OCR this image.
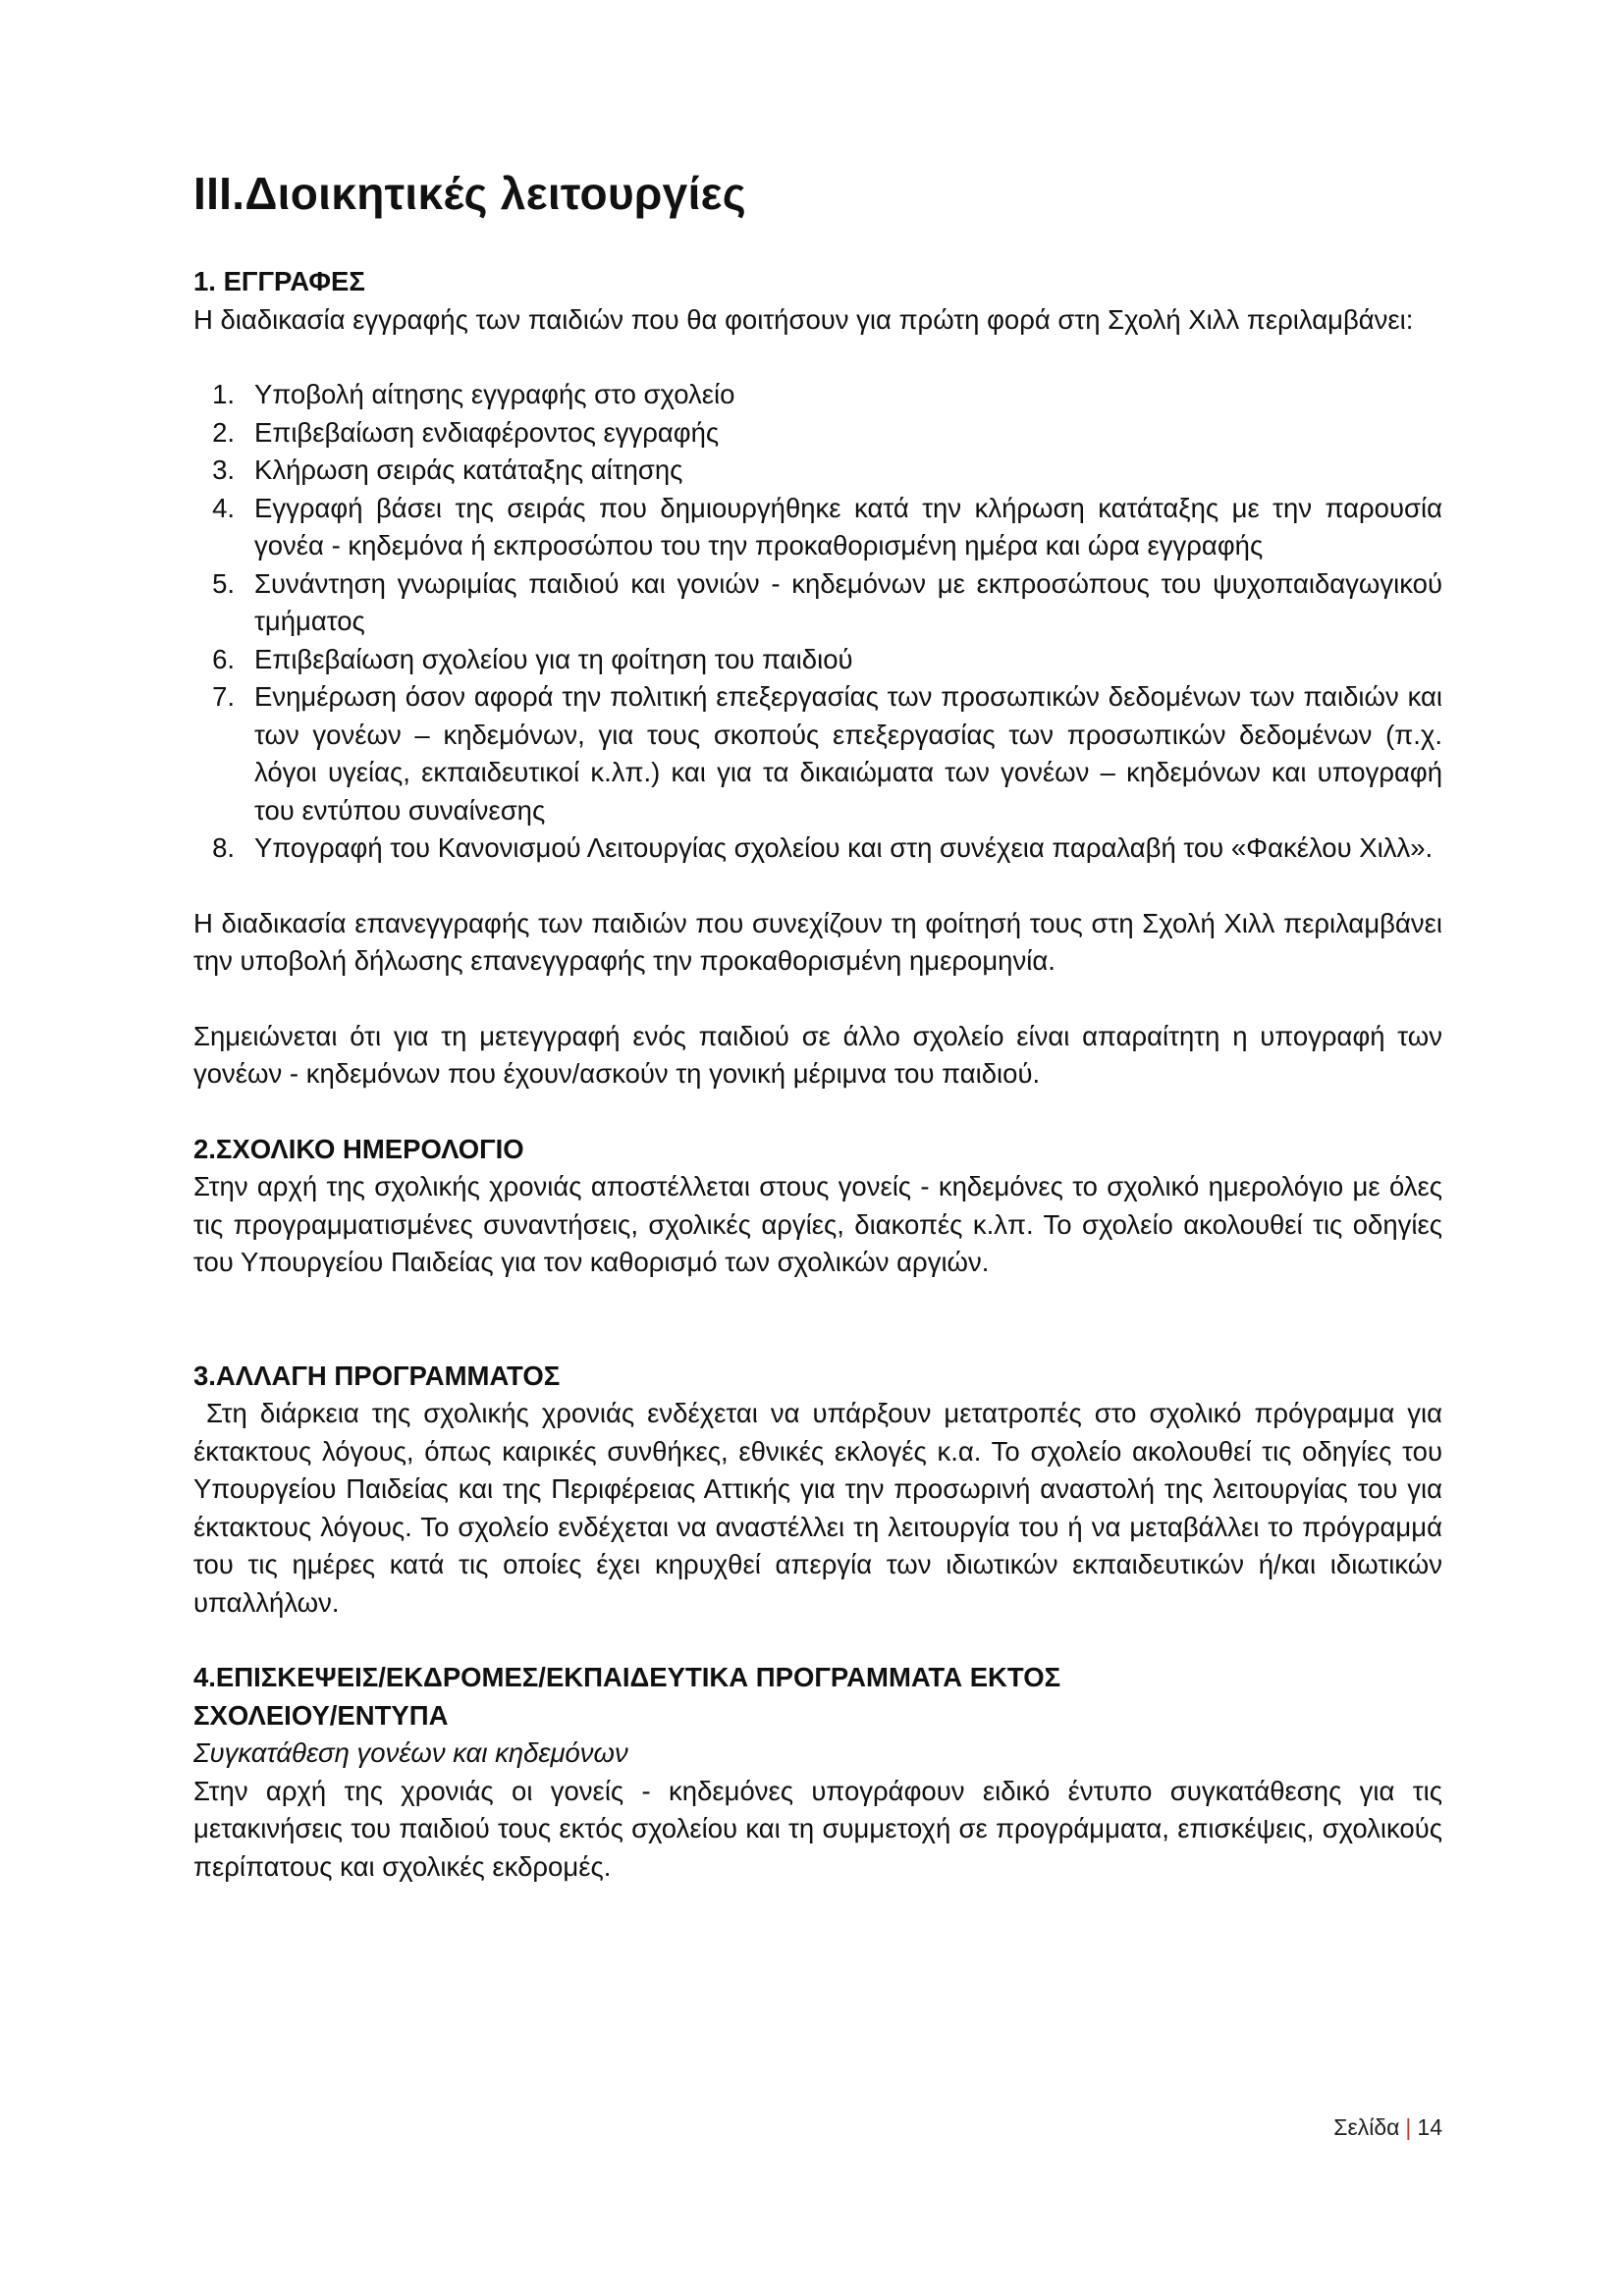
III.Διοικητικές λειτουργίες

1. ΕΓΓΡΑΦΕΣ

Η διαδικασία εγγραφής των παιδιών που θα φοιτήσουν για πρώτη φορά στη Σχολή Χιλλ περιλαμβάνει:

1. Υποβολή αίτησης εγγραφής στο σχολείο
2. Επιβεβαίωση ενδιαφέροντος εγγραφής
3. Κλήρωση σειράς κατάταξης αίτησης
4. Εγγραφή βάσει της σειράς που δημιουργήθηκε κατά την κλήρωση κατάταξης με την παρουσία γονέα - κηδεμόνα ή εκπροσώπου του την προκαθορισμένη ημέρα και ώρα εγγραφής
5. Συνάντηση γνωριμίας παιδιού και γονιών - κηδεμόνων με εκπροσώπους του ψυχοπαιδαγωγικού τμήματος
6. Επιβεβαίωση σχολείου για τη φοίτηση του παιδιού
7. Ενημέρωση όσον αφορά την πολιτική επεξεργασίας των προσωπικών δεδομένων των παιδιών και των γονέων – κηδεμόνων, για τους σκοπούς επεξεργασίας των προσωπικών δεδομένων (π.χ. λόγοι υγείας, εκπαιδευτικοί κ.λπ.) και για τα δικαιώματα των γονέων – κηδεμόνων και υπογραφή του εντύπου συναίνεσης
8. Υπογραφή του Κανονισμού Λειτουργίας σχολείου και στη συνέχεια παραλαβή του «Φακέλου Χιλλ».

Η διαδικασία επανεγγραφής των παιδιών που συνεχίζουν τη φοίτησή τους στη Σχολή Χιλλ περιλαμβάνει την υποβολή δήλωσης επανεγγραφής την προκαθορισμένη ημερομηνία.

Σημειώνεται ότι για τη μετεγγραφή ενός παιδιού σε άλλο σχολείο είναι απαραίτητη η υπογραφή των γονέων - κηδεμόνων που έχουν/ασκούν τη γονική μέριμνα του παιδιού.

2.ΣΧΟΛΙΚΟ ΗΜΕΡΟΛΟΓΙΟ

Στην αρχή της σχολικής χρονιάς αποστέλλεται στους γονείς - κηδεμόνες το σχολικό ημερολόγιο με όλες τις προγραμματισμένες συναντήσεις, σχολικές αργίες, διακοπές κ.λπ. Το σχολείο ακολουθεί τις οδηγίες του Υπουργείου Παιδείας για τον καθορισμό των σχολικών αργιών.

3.ΑΛΛΑΓΗ ΠΡΟΓΡΑΜΜΑΤΟΣ

Στη διάρκεια της σχολικής χρονιάς ενδέχεται να υπάρξουν μετατροπές στο σχολικό πρόγραμμα για έκτακτους λόγους, όπως καιρικές συνθήκες, εθνικές εκλογές κ.α. Το σχολείο ακολουθεί τις οδηγίες του Υπουργείου Παιδείας και της Περιφέρειας Αττικής για την προσωρινή αναστολή της λειτουργίας του για έκτακτους λόγους. Το σχολείο ενδέχεται να αναστέλλει τη λειτουργία του ή να μεταβάλλει το πρόγραμμά του τις ημέρες κατά τις οποίες έχει κηρυχθεί απεργία των ιδιωτικών εκπαιδευτικών ή/και ιδιωτικών υπαλλήλων.

4.ΕΠΙΣΚΕΨΕΙΣ/ΕΚΔΡΟΜΕΣ/ΕΚΠΑΙΔΕΥΤΙΚΑ ΠΡΟΓΡΑΜΜΑΤΑ ΕΚΤΟΣ

ΣΧΟΛΕΙΟΥ/ΕΝΤΥΠΑ

Συγκατάθεση γονέων και κηδεμόνων

Στην αρχή της χρονιάς οι γονείς - κηδεμόνες υπογράφουν ειδικό έντυπο συγκατάθεσης για τις μετακινήσεις του παιδιού τους εκτός σχολείου και τη συμμετοχή σε προγράμματα, επισκέψεις, σχολικούς περίπατους και σχολικές εκδρομές.

Σελίδα | 14
